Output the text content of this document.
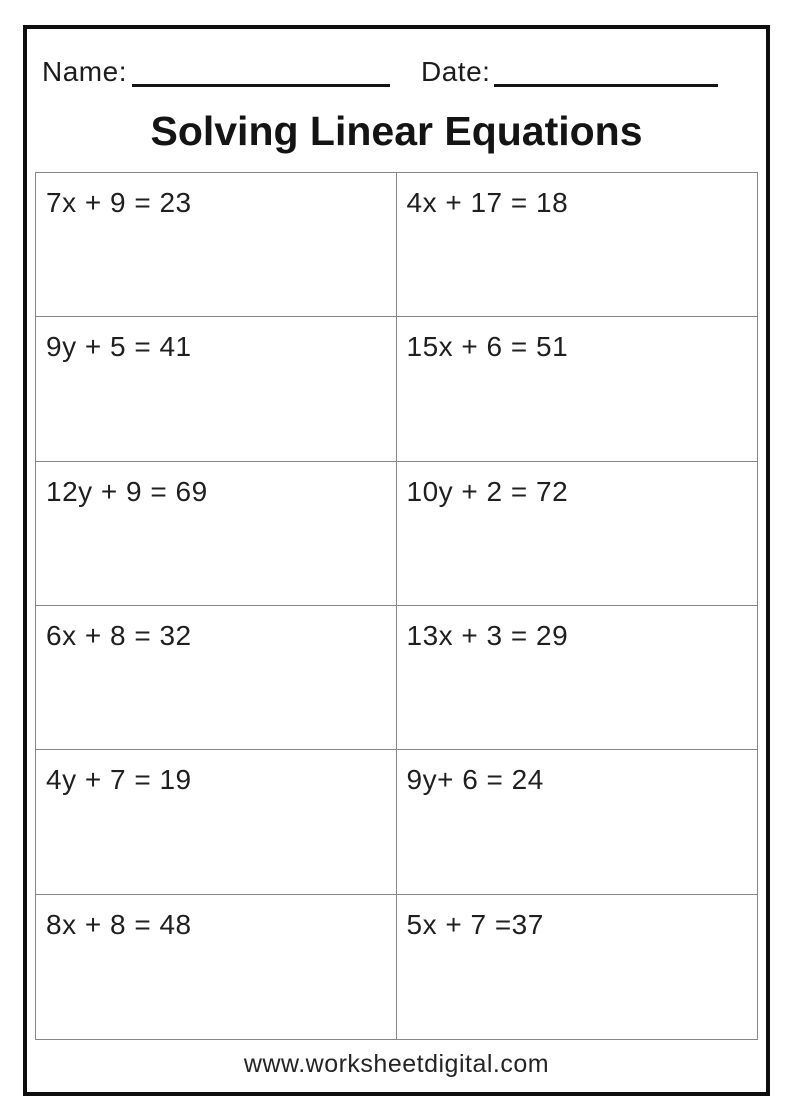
Name:	Date:
Solving Linear Equations
7x + 9 = 23	4x + 17 = 18
9y + 5 = 41	15x + 6 = 51
12y + 9 = 69	10y + 2 = 72
6x + 8 = 32	13x + 3 = 29
4y + 7 = 19	9y+ 6 = 24
8x + 8 = 48	5x + 7 =37
www.worksheetdigital.com
